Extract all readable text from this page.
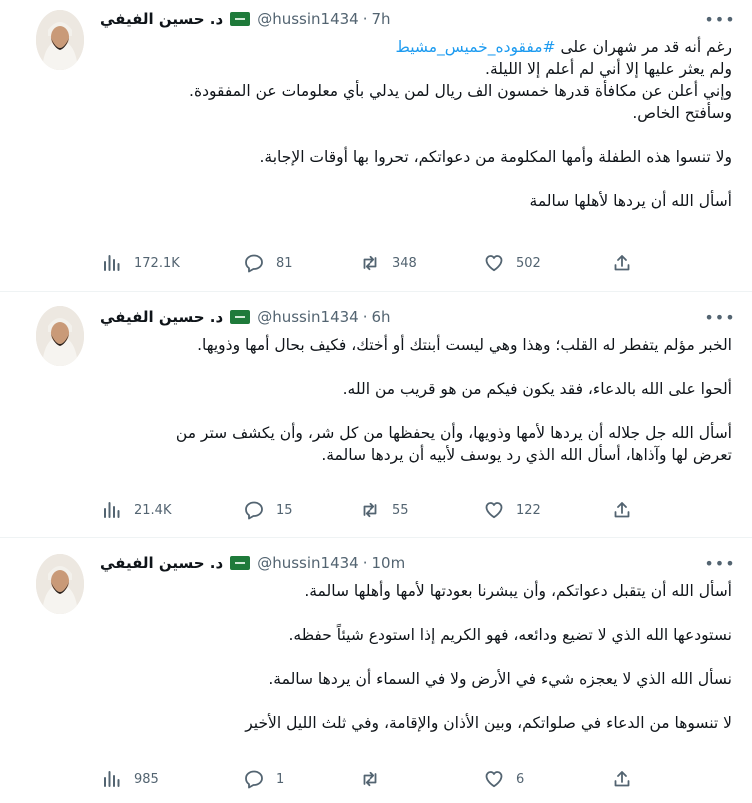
د. حسين الفيفي @hussin1434 · 7h	•••

رغم أنه قد مر شهران على #مفقوده_خميس_مشيط

ولم يعثر عليها إلا أني لم أعلم إلا الليلة.

وإني أعلن عن مكافأة قدرها خمسون الف ريال لمن يدلي بأي معلومات عن المفقودة.

وسأفتح الخاص.

ولا تنسوا هذه الطفلة وأمها المكلومة من دعواتكم، تحروا بها أوقات الإجابة.

أسأل الله أن يردها لأهلها سالمة

172.1K	81	348	502
د. حسين الفيفي @hussin1434 · 6h	•••

الخبر مؤلم يتفطر له القلب؛ وهذا وهي ليست أبنتك أو أختك، فكيف بحال أمها وذويها.

ألحوا على الله بالدعاء، فقد يكون فيكم من هو قريب من الله.

أسأل الله جل جلاله أن يردها لأمها وذويها، وأن يحفظها من كل شر، وأن يكشف ستر من

تعرض لها وآذاها، أسأل الله الذي رد يوسف لأبيه أن يردها سالمة.

21.4K	15	55	122
د. حسين الفيفي @hussin1434 · 10m	•••

أسأل الله أن يتقبل دعواتكم، وأن يبشرنا بعودتها لأمها وأهلها سالمة.

نستودعها الله الذي لا تضيع ودائعه، فهو الكريم إذا استودع شيئاً حفظه.

نسأل الله الذي لا يعجزه شيء في الأرض ولا في السماء أن يردها سالمة.

لا تنسوها من الدعاء في صلواتكم، وبين الأذان والإقامة، وفي ثلث الليل الأخير

985	1	6
